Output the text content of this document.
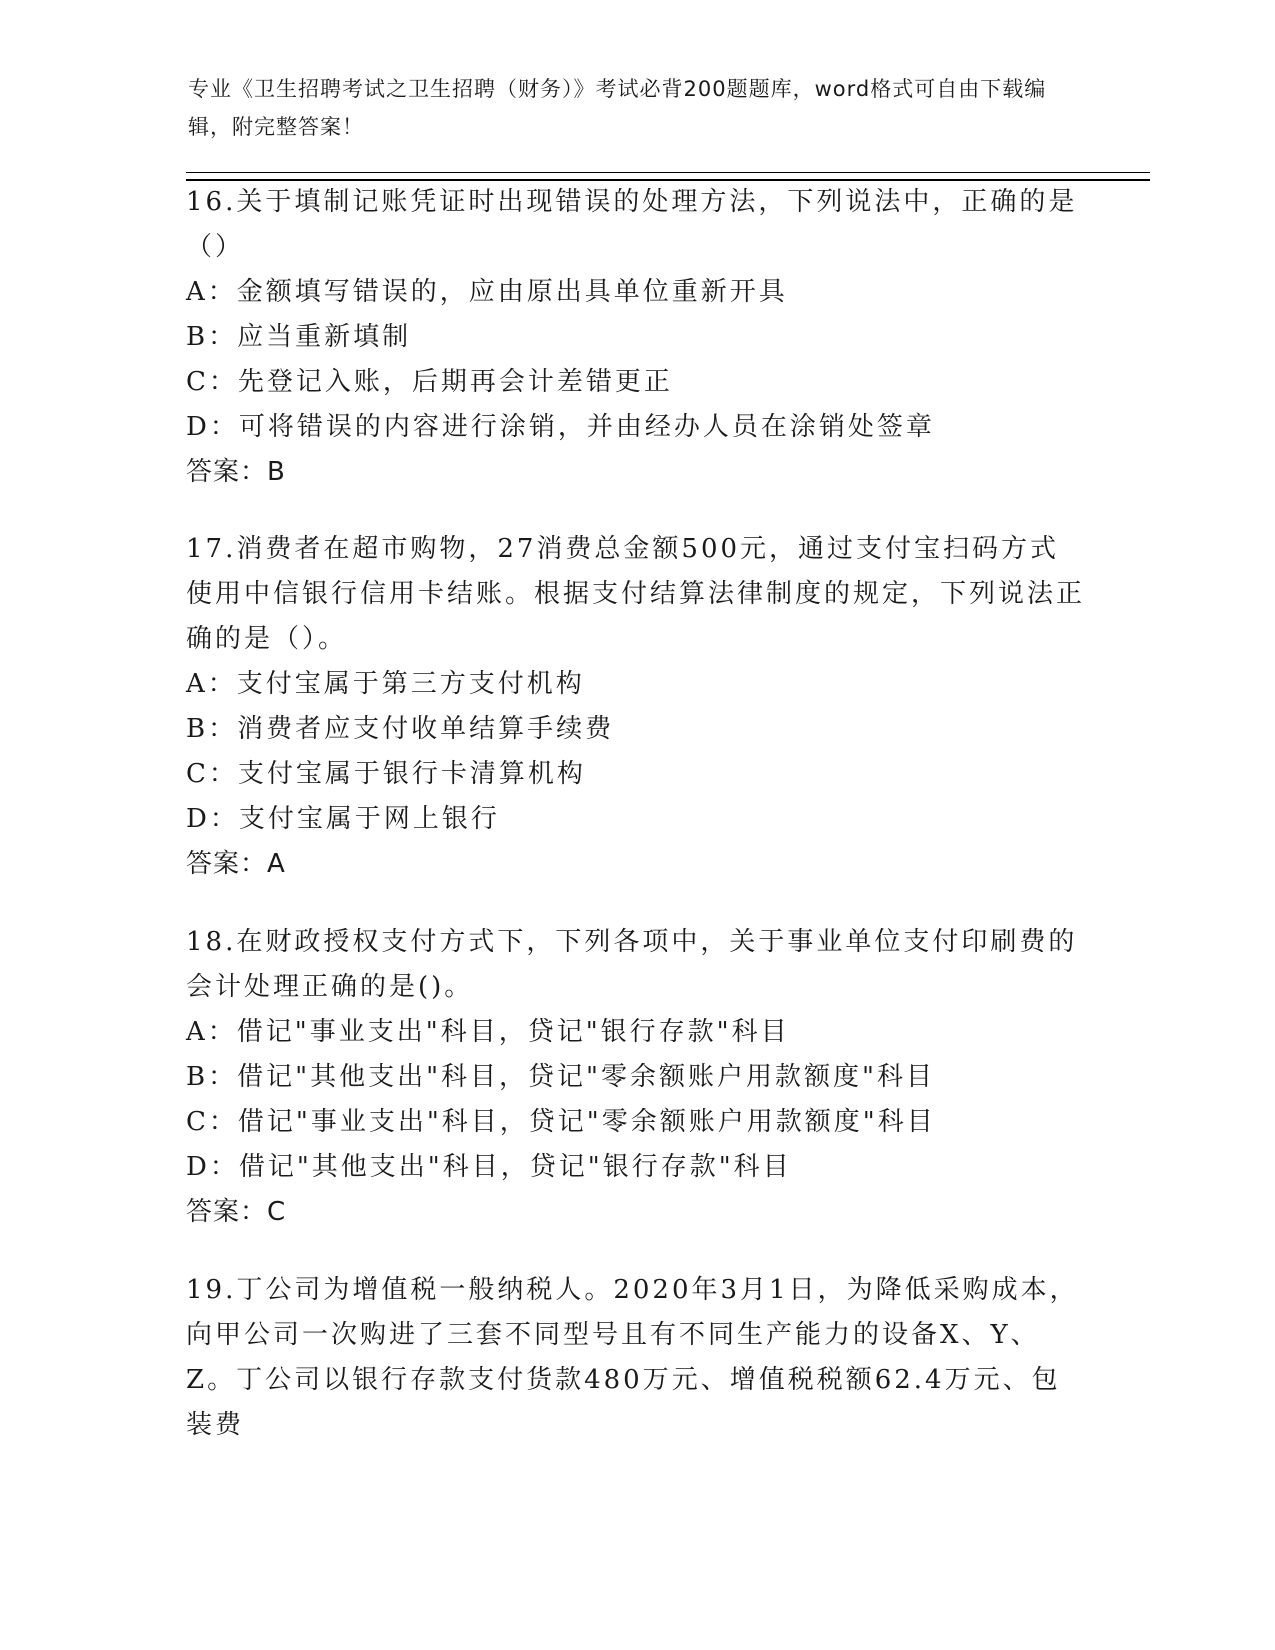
专业《卫生招聘考试之卫生招聘（财务）》考试必背200题题库，word格式可自由下载编辑，附完整答案！

16.关于填制记账凭证时出现错误的处理方法，下列说法中，正确的是（）

A：金额填写错误的，应由原出具单位重新开具

B：应当重新填制

C：先登记入账，后期再会计差错更正

D：可将错误的内容进行涂销，并由经办人员在涂销处签章

答案：B

17.消费者在超市购物，27消费总金额500元，通过支付宝扫码方式使用中信银行信用卡结账。根据支付结算法律制度的规定，下列说法正确的是（）。

A：支付宝属于第三方支付机构

B：消费者应支付收单结算手续费

C：支付宝属于银行卡清算机构

D：支付宝属于网上银行

答案：A

18.在财政授权支付方式下，下列各项中，关于事业单位支付印刷费的会计处理正确的是()。

A：借记"事业支出"科目，贷记"银行存款"科目

B：借记"其他支出"科目，贷记"零余额账户用款额度"科目

C：借记"事业支出"科目，贷记"零余额账户用款额度"科目

D：借记"其他支出"科目，贷记"银行存款"科目

答案：C

19.丁公司为增值税一般纳税人。2020年3月1日，为降低采购成本，向甲公司一次购进了三套不同型号且有不同生产能力的设备X、Y、Z。丁公司以银行存款支付货款480万元、增值税税额62.4万元、包装费
